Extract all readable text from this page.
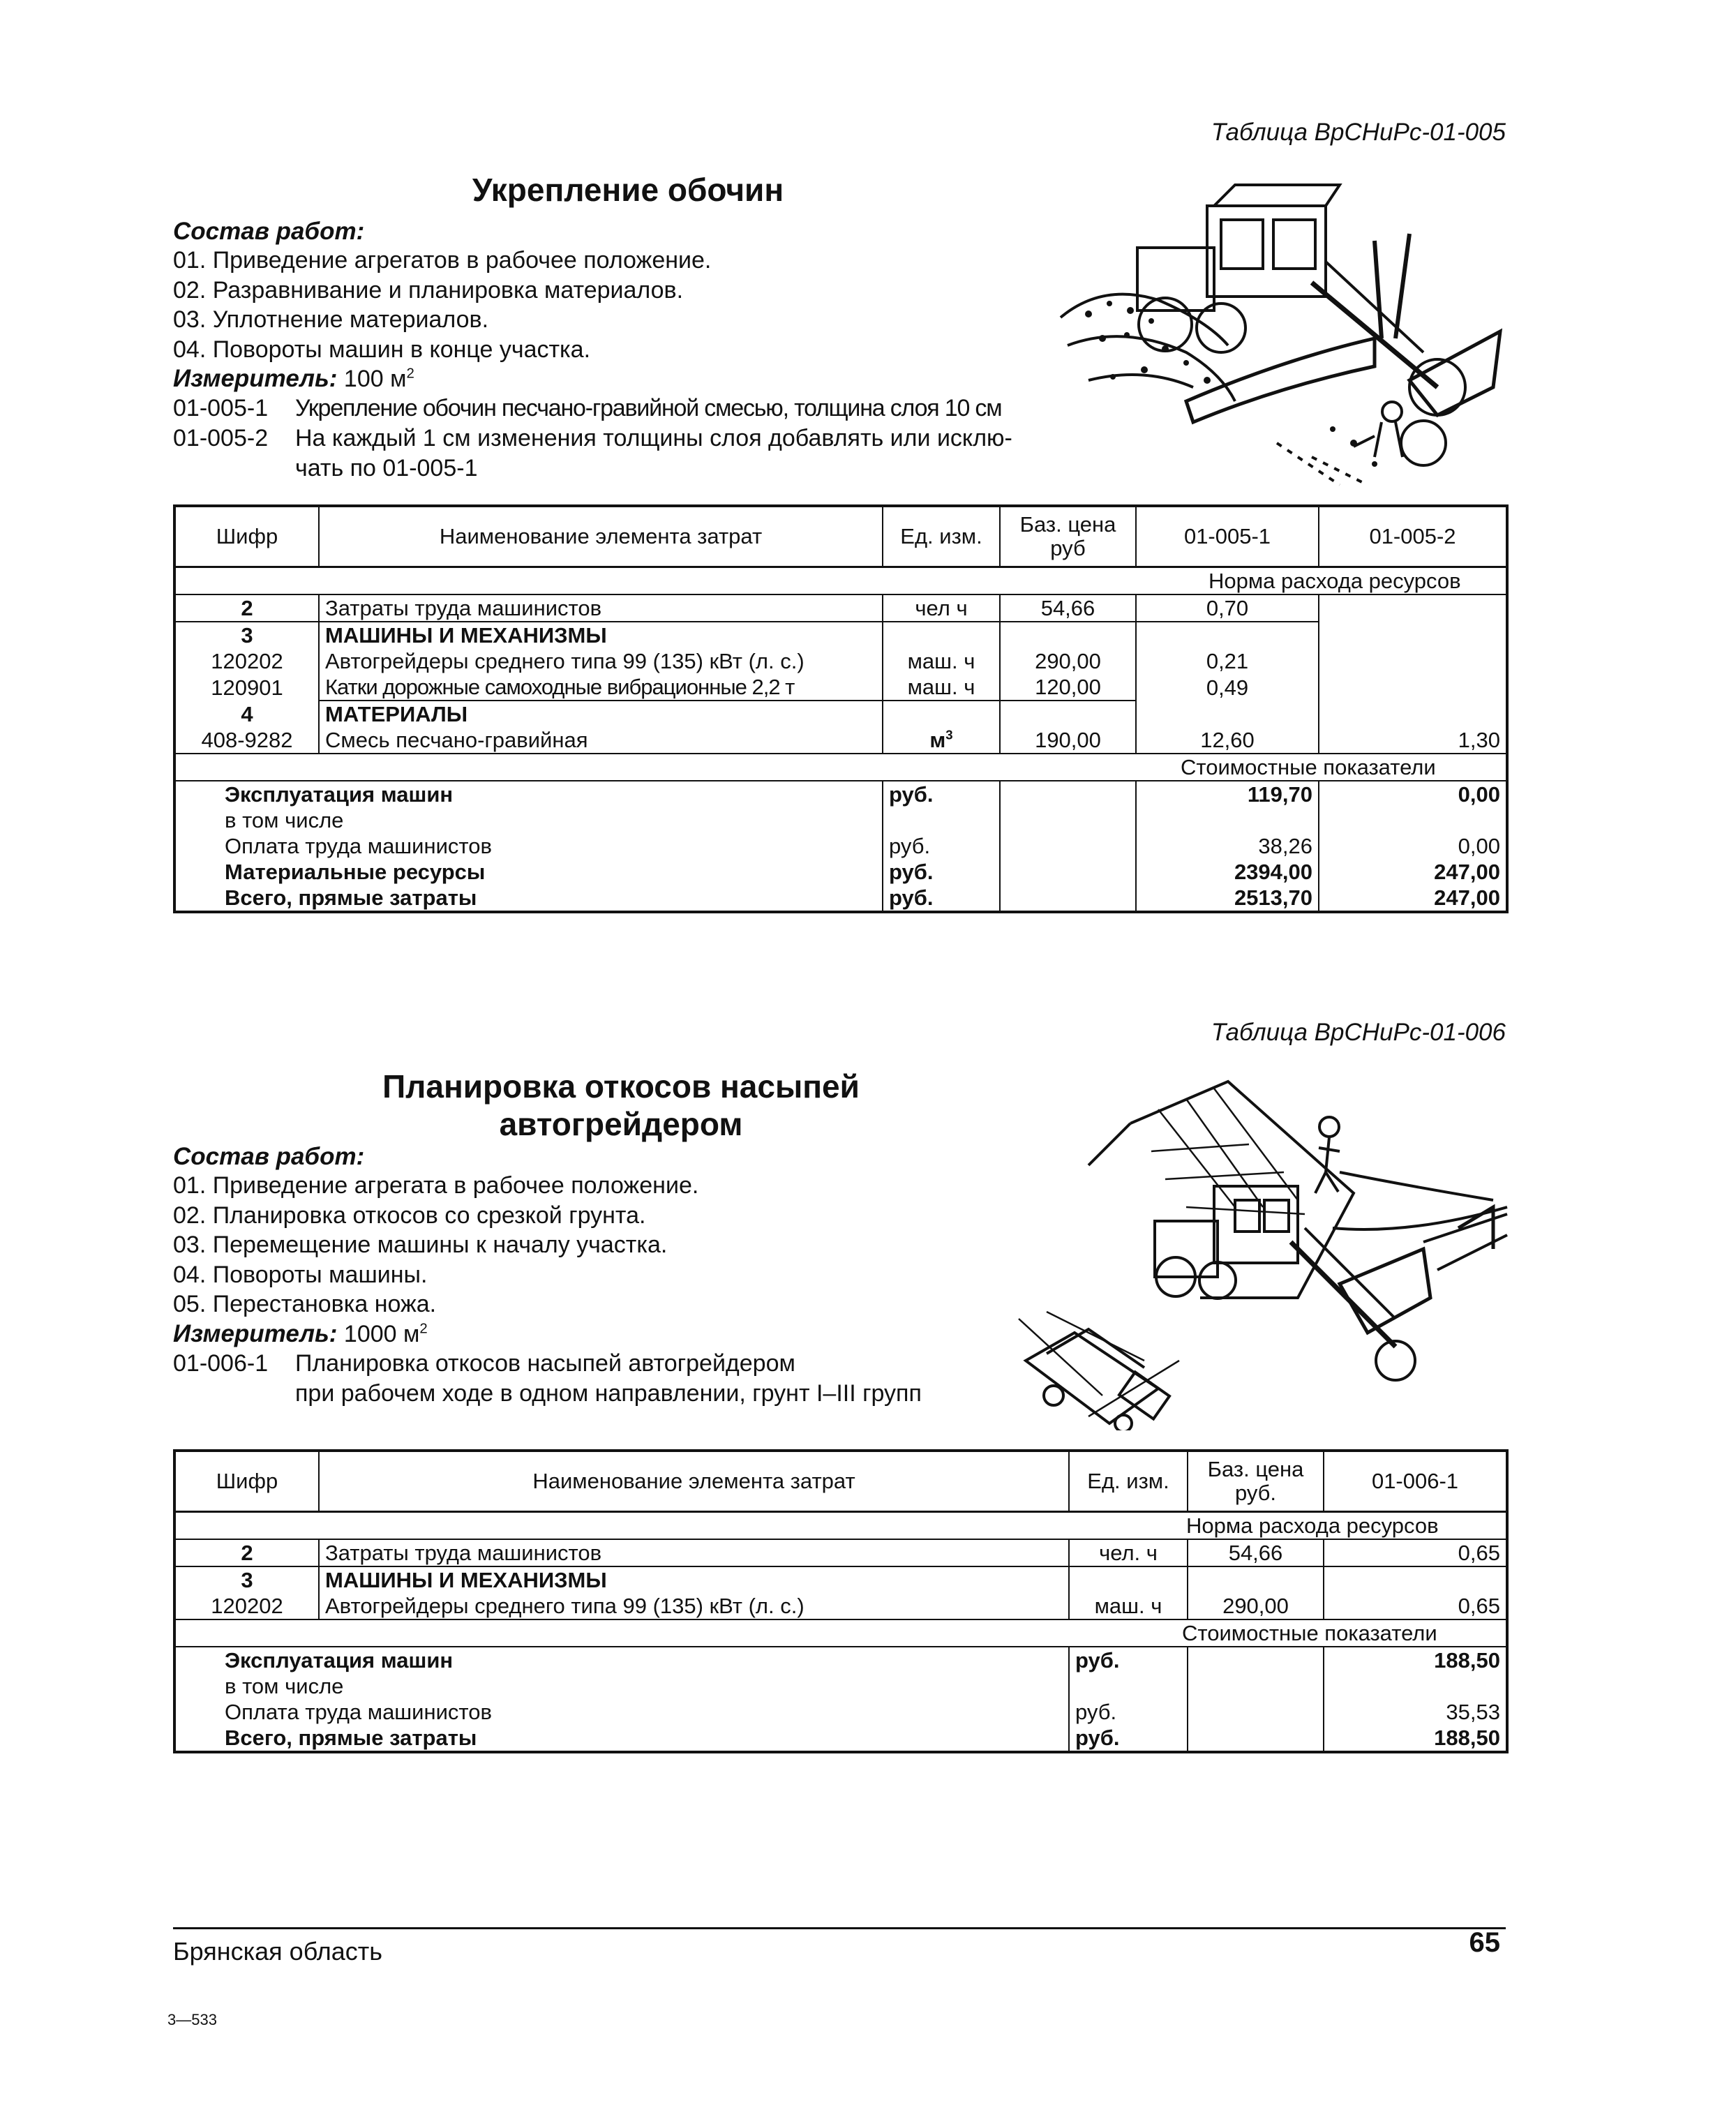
Таблица ВрСНиРс-01-005
Укрепление обочин
Состав работ:
01. Приведение агрегатов в рабочее положение.
02. Разравнивание и планировка материалов.
03. Уплотнение материалов.
04. Повороты машин в конце участка.
Измеритель: 100 $м^2$
01-005-1	Укрепление обочин песчано-гравийной смесью, толщина слоя 10 см
01-005-2	На каждый 1 см изменения толщины слоя добавлять или исклю-
чать по 01-005-1
Шифр	Наименование элемента затрат	Ед. изм.	Баз. цена руб	01-005-1	01-005-2
Норма расхода ресурсов					
2	Затраты труда машинистов	чел ч	54,66	0,70	
3	МАШИНЫ И МЕХАНИЗМЫ				
120202	Автогрейдеры среднего типа 99 (135) кВт (л. с.)	маш. ч	290,00	0,21	
120901	Катки дорожные самоходные вибрационные 2,2 т	маш. ч	120,00	0,49	
4	МАТЕРИАЛЫ				
408-9282	Смесь песчано-гравийная	$м^3$	190,00	12,60	1,30
Стоимостные показатели					
Эксплуатация машин		руб.		119,70	0,00
в том числе					
Оплата труда машинистов		руб.		38,26	0,00
Материальные ресурсы		руб.		2394,00	247,00
Всего, прямые затраты		руб.		2513,70	247,00
Таблица ВрСНиРс-01-006
Планировка откосов насыпей
автогрейдером
Состав работ:
01. Приведение агрегата в рабочее положение.
02. Планировка откосов со срезкой грунта.
03. Перемещение машины к началу участка.
04. Повороты машины.
05. Перестановка ножа.
Измеритель: 1000 $м^2$
01-006-1	Планировка откосов насыпей автогрейдером
при рабочем ходе в одном направлении, грунт I–III групп
Шифр	Наименование элемента затрат	Ед. изм.	Баз. цена руб.	01-006-1
Норма расхода ресурсов				
2	Затраты труда машинистов	чел. ч	54,66	0,65
3	МАШИНЫ И МЕХАНИЗМЫ			
120202	Автогрейдеры среднего типа 99 (135) кВт (л. с.)	маш. ч	290,00	0,65
Стоимостные показатели				
Эксплуатация машин		руб.		188,50
в том числе				
Оплата труда машинистов		руб.		35,53
Всего, прямые затраты		руб.		188,50
Брянская область	65
3—533
